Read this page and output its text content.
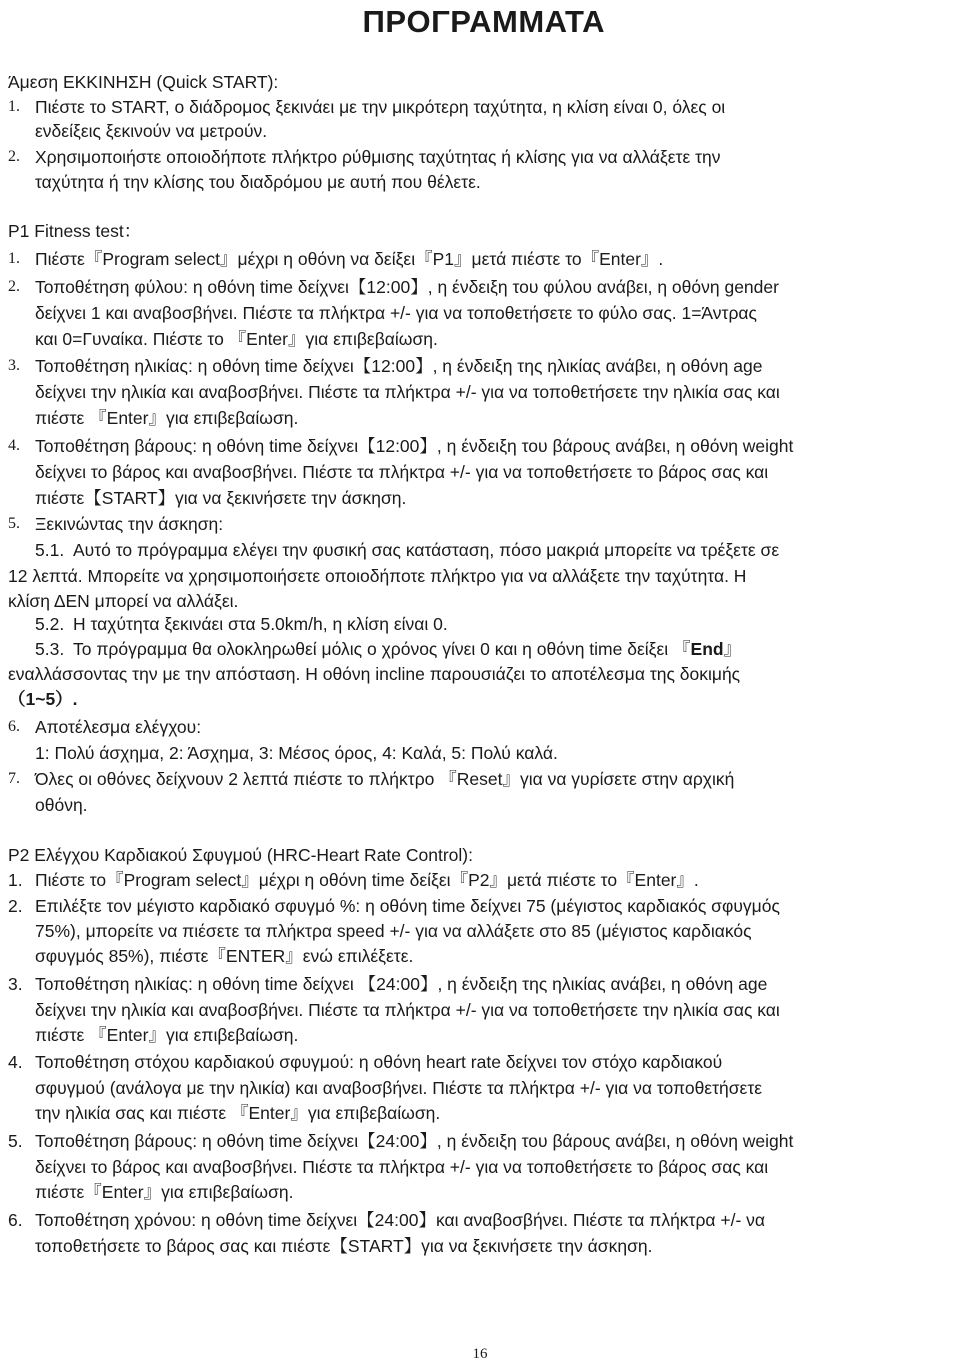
ΠΡΟΓΡΑΜΜΑΤΑ
Άμεση ΕΚΚΙΝΗΣΗ (Quick START):
1. Πιέστε το START, ο διάδρομος ξεκινάει με την μικρότερη ταχύτητα, η κλίση είναι 0, όλες οι
ενδείξεις ξεκινούν να μετρούν.
2. Χρησιμοποιήστε οποιοδήποτε πλήκτρο ρύθμισης ταχύτητας ή κλίσης για να αλλάξετε την
ταχύτητα ή την κλίσης του διαδρόμου με αυτή που θέλετε.
P1 Fitness test：
1. Πιέστε『Program select』μέχρι η οθόνη να δείξει『P1』μετά πιέστε το『Enter』.
2. Τοποθέτηση φύλου: η οθόνη time δείχνει【12:00】, η ένδειξη του φύλου ανάβει, η οθόνη gender
δείχνει 1 και αναβοσβήνει. Πιέστε τα πλήκτρα +/- για να τοποθετήσετε το φύλο σας. 1=Άντρας
και 0=Γυναίκα. Πιέστε το 『Enter』για επιβεβαίωση.
3. Τοποθέτηση ηλικίας: η οθόνη time δείχνει【12:00】, η ένδειξη της ηλικίας ανάβει, η οθόνη age
δείχνει την ηλικία και αναβοσβήνει. Πιέστε τα πλήκτρα +/- για να τοποθετήσετε την ηλικία σας και
πιέστε 『Enter』για επιβεβαίωση.
4. Τοποθέτηση βάρους: η οθόνη time δείχνει【12:00】, η ένδειξη του βάρους ανάβει, η οθόνη weight
δείχνει το βάρος και αναβοσβήνει. Πιέστε τα πλήκτρα +/- για να τοποθετήσετε το βάρος σας και
πιέστε【START】για να ξεκινήσετε την άσκηση.
5. Ξεκινώντας την άσκηση:
5.1. Αυτό το πρόγραμμα ελέγει την φυσική σας κατάσταση, πόσο μακριά μπορείτε να τρέξετε σε
12 λεπτά. Μπορείτε να χρησιμοποιήσετε οποιοδήποτε πλήκτρο για να αλλάξετε την ταχύτητα. Η
κλίση ΔΕΝ μπορεί να αλλάξει.
5.2. Η ταχύτητα ξεκινάει στα 5.0km/h, η κλίση είναι 0.
5.3. Το πρόγραμμα θα ολοκληρωθεί μόλις ο χρόνος γίνει 0 και η οθόνη time δείξει 『End』
εναλλάσσοντας την με την απόσταση. Η οθόνη incline παρουσιάζει το αποτέλεσμα της δοκιμής
（1~5）.
6. Αποτέλεσμα ελέγχου:
1: Πολύ άσχημα, 2: Άσχημα, 3: Μέσος όρος, 4: Καλά, 5: Πολύ καλά.
7. Όλες οι οθόνες δείχνουν 2 λεπτά πιέστε το πλήκτρο 『Reset』για να γυρίσετε στην αρχική
οθόνη.
P2 Ελέγχου Καρδιακού Σφυγμού (HRC-Heart Rate Control):
1. Πιέστε το『Program select』μέχρι η οθόνη time δείξει『P2』μετά πιέστε το『Enter』.
2. Επιλέξτε τον μέγιστο καρδιακό σφυγμό %: η οθόνη time δείχνει 75 (μέγιστος καρδιακός σφυγμός
75%), μπορείτε να πιέσετε τα πλήκτρα speed +/- για να αλλάξετε στο 85 (μέγιστος καρδιακός
σφυγμός 85%), πιέστε『ENTER』ενώ επιλέξετε.
3. Τοποθέτηση ηλικίας: η οθόνη time δείχνει 【24:00】, η ένδειξη της ηλικίας ανάβει, η οθόνη age
δείχνει την ηλικία και αναβοσβήνει. Πιέστε τα πλήκτρα +/- για να τοποθετήσετε την ηλικία σας και
πιέστε 『Enter』για επιβεβαίωση.
4. Τοποθέτηση στόχου καρδιακού σφυγμού: η οθόνη heart rate δείχνει τον στόχο καρδιακού
σφυγμού (ανάλογα με την ηλικία) και αναβοσβήνει. Πιέστε τα πλήκτρα +/- για να τοποθετήσετε
την ηλικία σας και πιέστε 『Enter』για επιβεβαίωση.
5. Τοποθέτηση βάρους: η οθόνη time δείχνει【24:00】, η ένδειξη του βάρους ανάβει, η οθόνη weight
δείχνει το βάρος και αναβοσβήνει. Πιέστε τα πλήκτρα +/- για να τοποθετήσετε το βάρος σας και
πιέστε『Enter』για επιβεβαίωση.
6. Τοποθέτηση χρόνου: η οθόνη time δείχνει【24:00】και αναβοσβήνει. Πιέστε τα πλήκτρα +/- να
τοποθετήσετε το βάρος σας και πιέστε【START】για να ξεκινήσετε την άσκηση.
16
